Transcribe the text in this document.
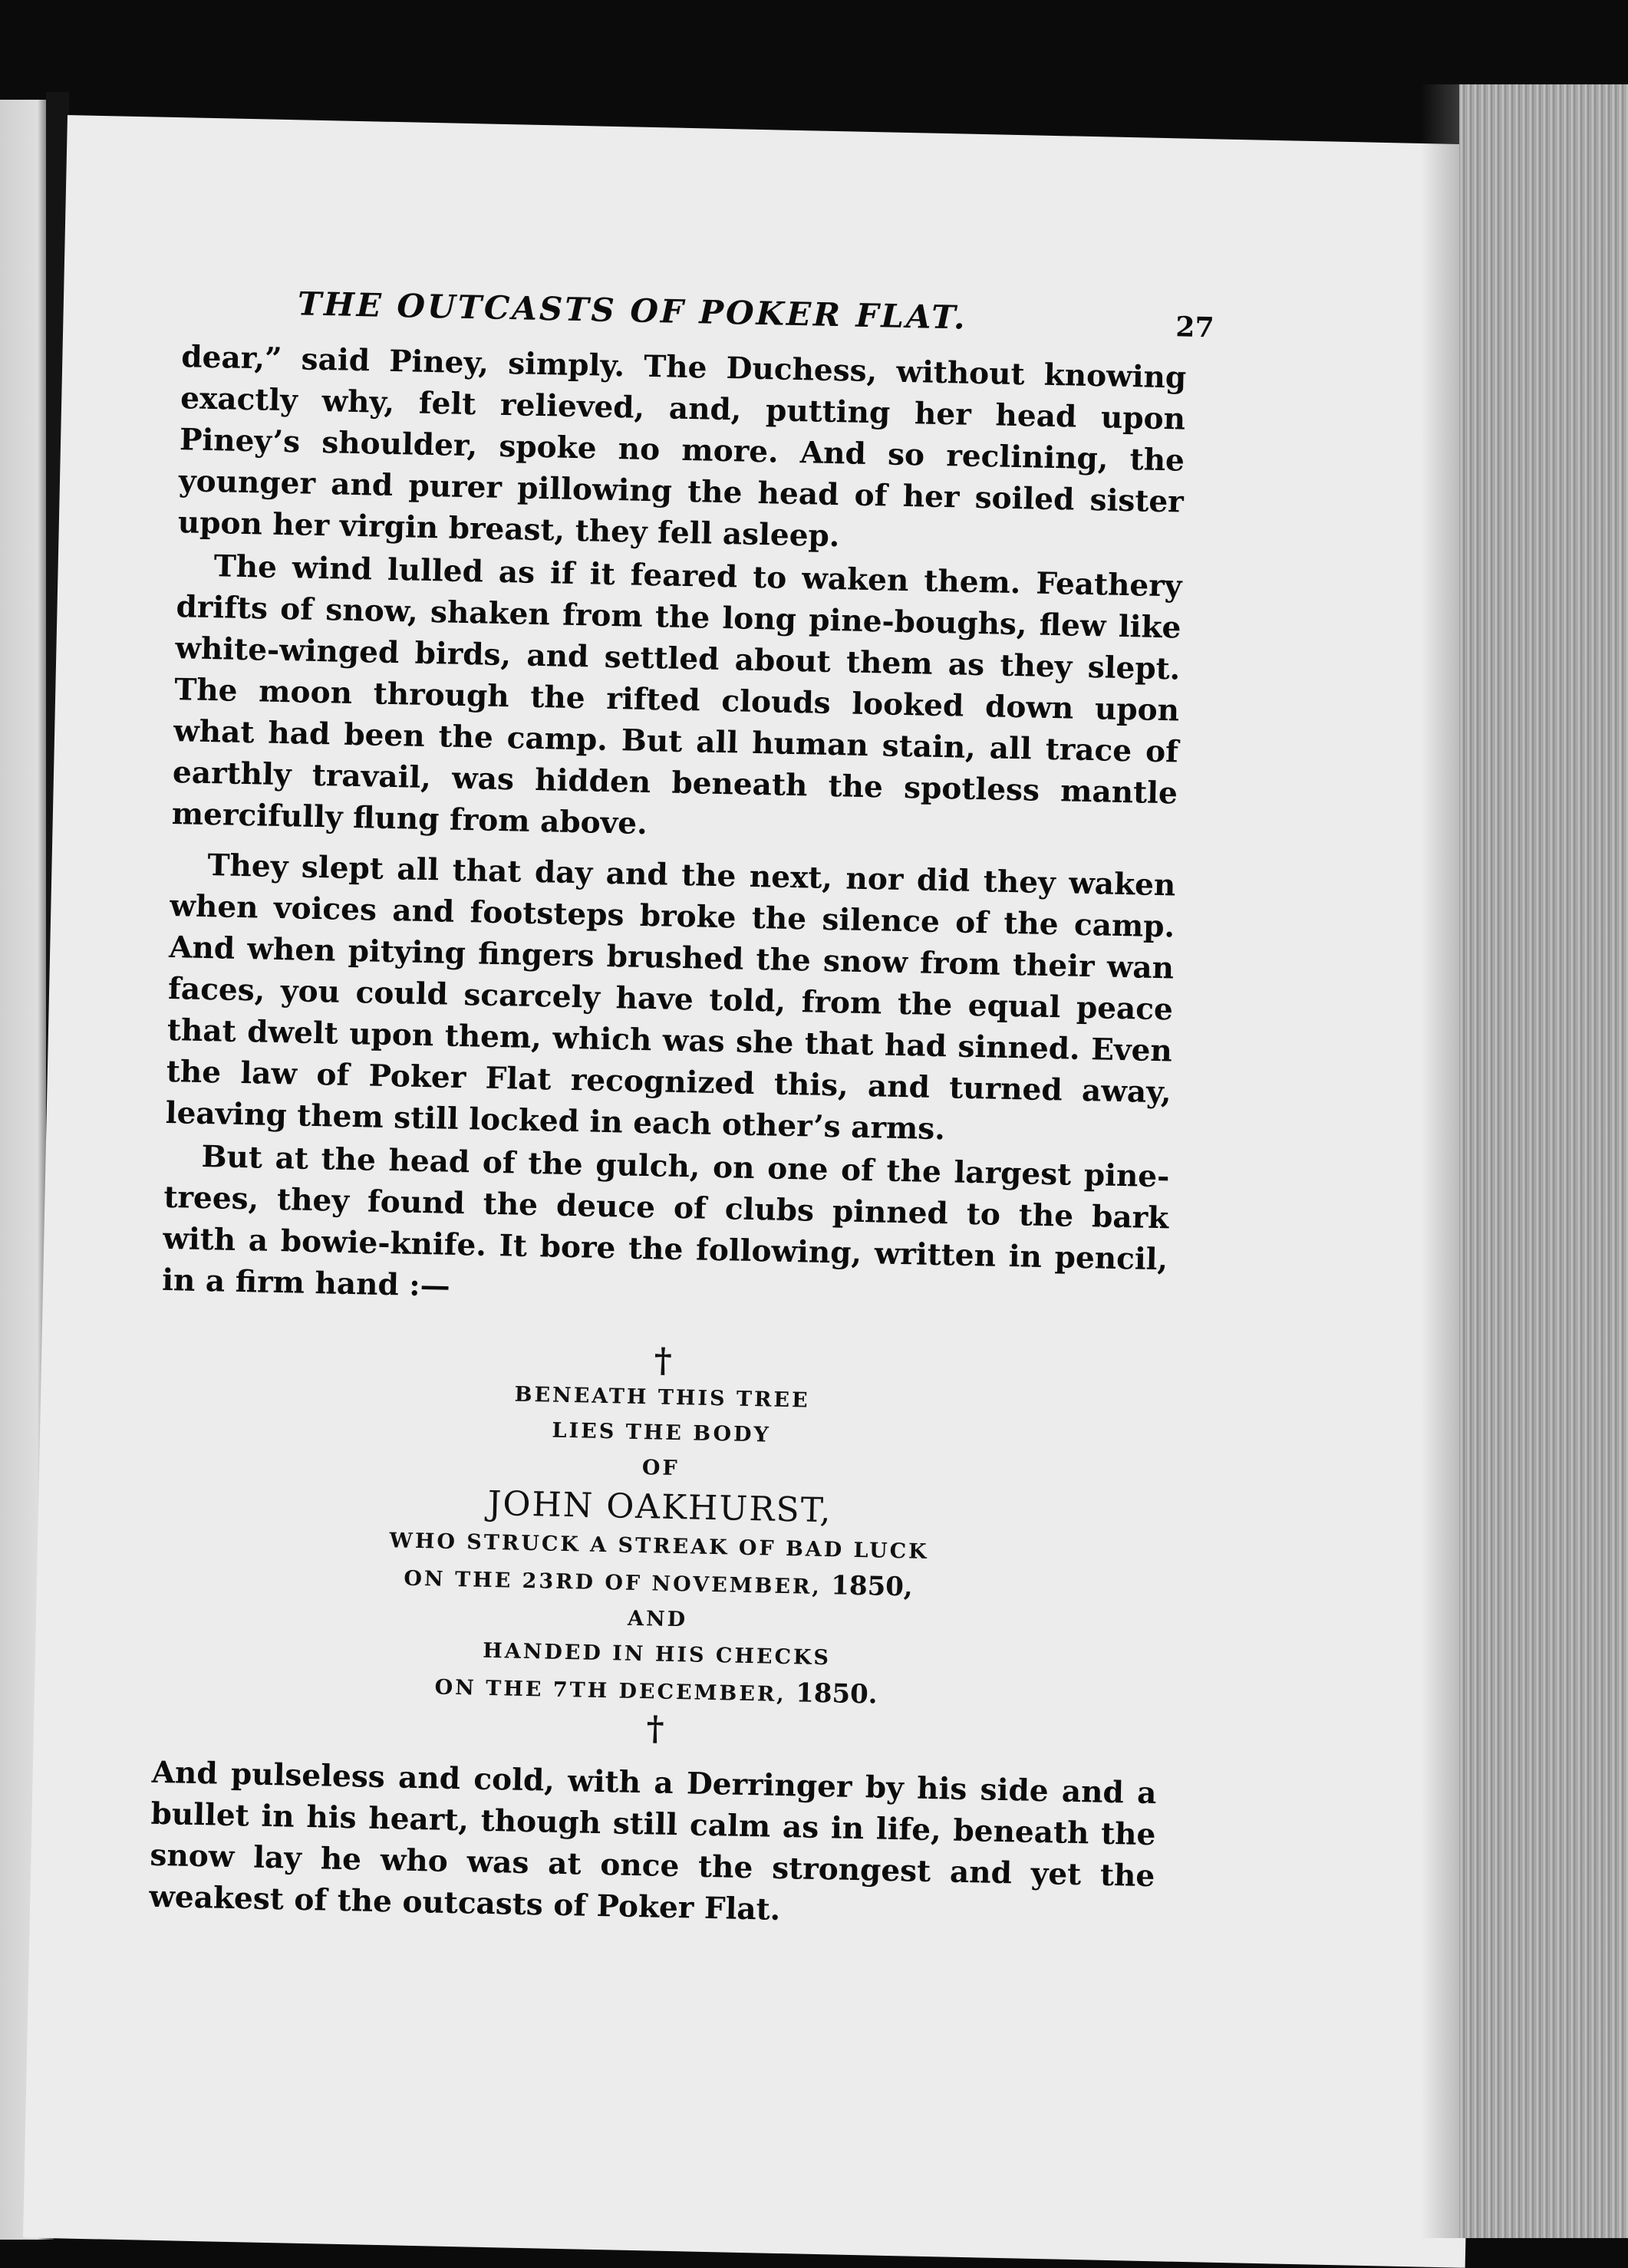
THE OUTCASTS OF POKER FLAT.	27

dear,” said Piney, simply. The Duchess, without knowing exactly why, felt relieved, and, putting her head upon Piney’s shoulder, spoke no more. And so reclining, the younger and purer pillowing the head of her soiled sister upon her virgin breast, they fell asleep.

The wind lulled as if it feared to waken them. Feathery drifts of snow, shaken from the long pine-boughs, flew like white-winged birds, and settled about them as they slept. The moon through the rifted clouds looked down upon what had been the camp. But all human stain, all trace of earthly travail, was hidden beneath the spotless mantle mercifully flung from above.

They slept all that day and the next, nor did they waken when voices and footsteps broke the silence of the camp. And when pitying fingers brushed the snow from their wan faces, you could scarcely have told, from the equal peace that dwelt upon them, which was she that had sinned. Even the law of Poker Flat recognized this, and turned away, leaving them still locked in each other’s arms.

But at the head of the gulch, on one of the largest pine-trees, they found the deuce of clubs pinned to the bark with a bowie-knife. It bore the following, written in pencil, in a firm hand :—

†
BENEATH THIS TREE
LIES THE BODY
OF
JOHN OAKHURST,
WHO STRUCK A STREAK OF BAD LUCK
ON THE 23RD OF NOVEMBER, 1850,
AND
HANDED IN HIS CHECKS
ON THE 7TH DECEMBER, 1850.
†

And pulseless and cold, with a Derringer by his side and a bullet in his heart, though still calm as in life, beneath the snow lay he who was at once the strongest and yet the weakest of the outcasts of Poker Flat.
